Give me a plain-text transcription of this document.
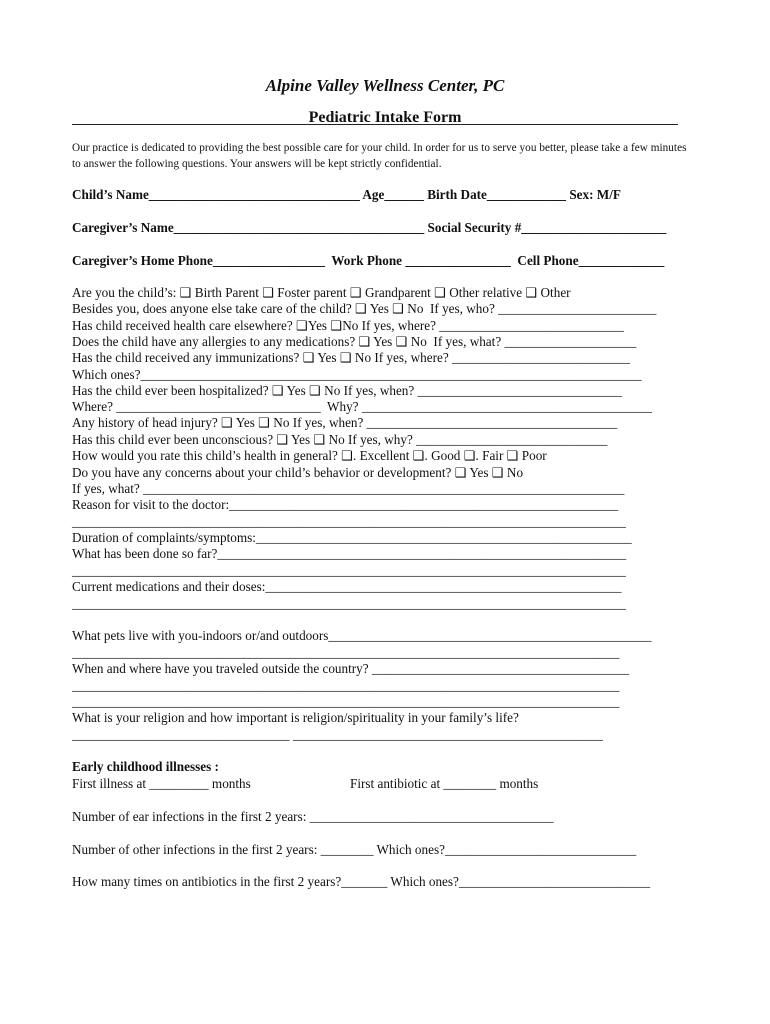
Alpine Valley Wellness Center, PC
Pediatric Intake Form
Our practice is dedicated to providing the best possible care for your child. In order for us to serve you better, please take a few minutes to answer the following questions. Your answers will be kept strictly confidential.
Child’s Name________________________________ Age______ Birth Date____________ Sex: M/F
Caregiver’s Name______________________________________ Social Security #______________________
Caregiver’s Home Phone_________________  Work Phone ________________  Cell Phone_____________
Are you the child’s: ❑ Birth Parent ❑ Foster parent ❑ Grandparent ❑ Other relative ❑ Other
Besides you, does anyone else take care of the child? ❑ Yes ❑ No  If yes, who? ________________________
Has child received health care elsewhere? ❑Yes ❑No If yes, where? ____________________________
Does the child have any allergies to any medications? ❑ Yes ❑ No  If yes, what? ____________________
Has the child received any immunizations? ❑ Yes ❑ No If yes, where? ___________________________
Which ones?____________________________________________________________________________
Has the child ever been hospitalized? ❑ Yes ❑ No If yes, when? _______________________________
Where? _______________________________  Why? ____________________________________________
Any history of head injury? ❑ Yes ❑ No If yes, when? ______________________________________
Has this child ever been unconscious? ❑ Yes ❑ No If yes, why? _____________________________
How would you rate this child’s health in general? ❑. Excellent ❑. Good ❑. Fair ❑ Poor
Do you have any concerns about your child’s behavior or development? ❑ Yes ❑ No
If yes, what? _________________________________________________________________________
Reason for visit to the doctor:___________________________________________________________
____________________________________________________________________________________
Duration of complaints/symptoms:_________________________________________________________
What has been done so far?______________________________________________________________
____________________________________________________________________________________
Current medications and their doses:______________________________________________________
____________________________________________________________________________________
What pets live with you-indoors or/and outdoors_________________________________________________
___________________________________________________________________________________
When and where have you traveled outside the country? _______________________________________
___________________________________________________________________________________
___________________________________________________________________________________
What is your religion and how important is religion/spirituality in your family’s life?
_________________________________ _______________________________________________
Early childhood illnesses :
First illness at _________ months	First antibiotic at ________ months
Number of ear infections in the first 2 years: _____________________________________
Number of other infections in the first 2 years: ________ Which ones?_____________________________
How many times on antibiotics in the first 2 years?_______ Which ones?_____________________________
